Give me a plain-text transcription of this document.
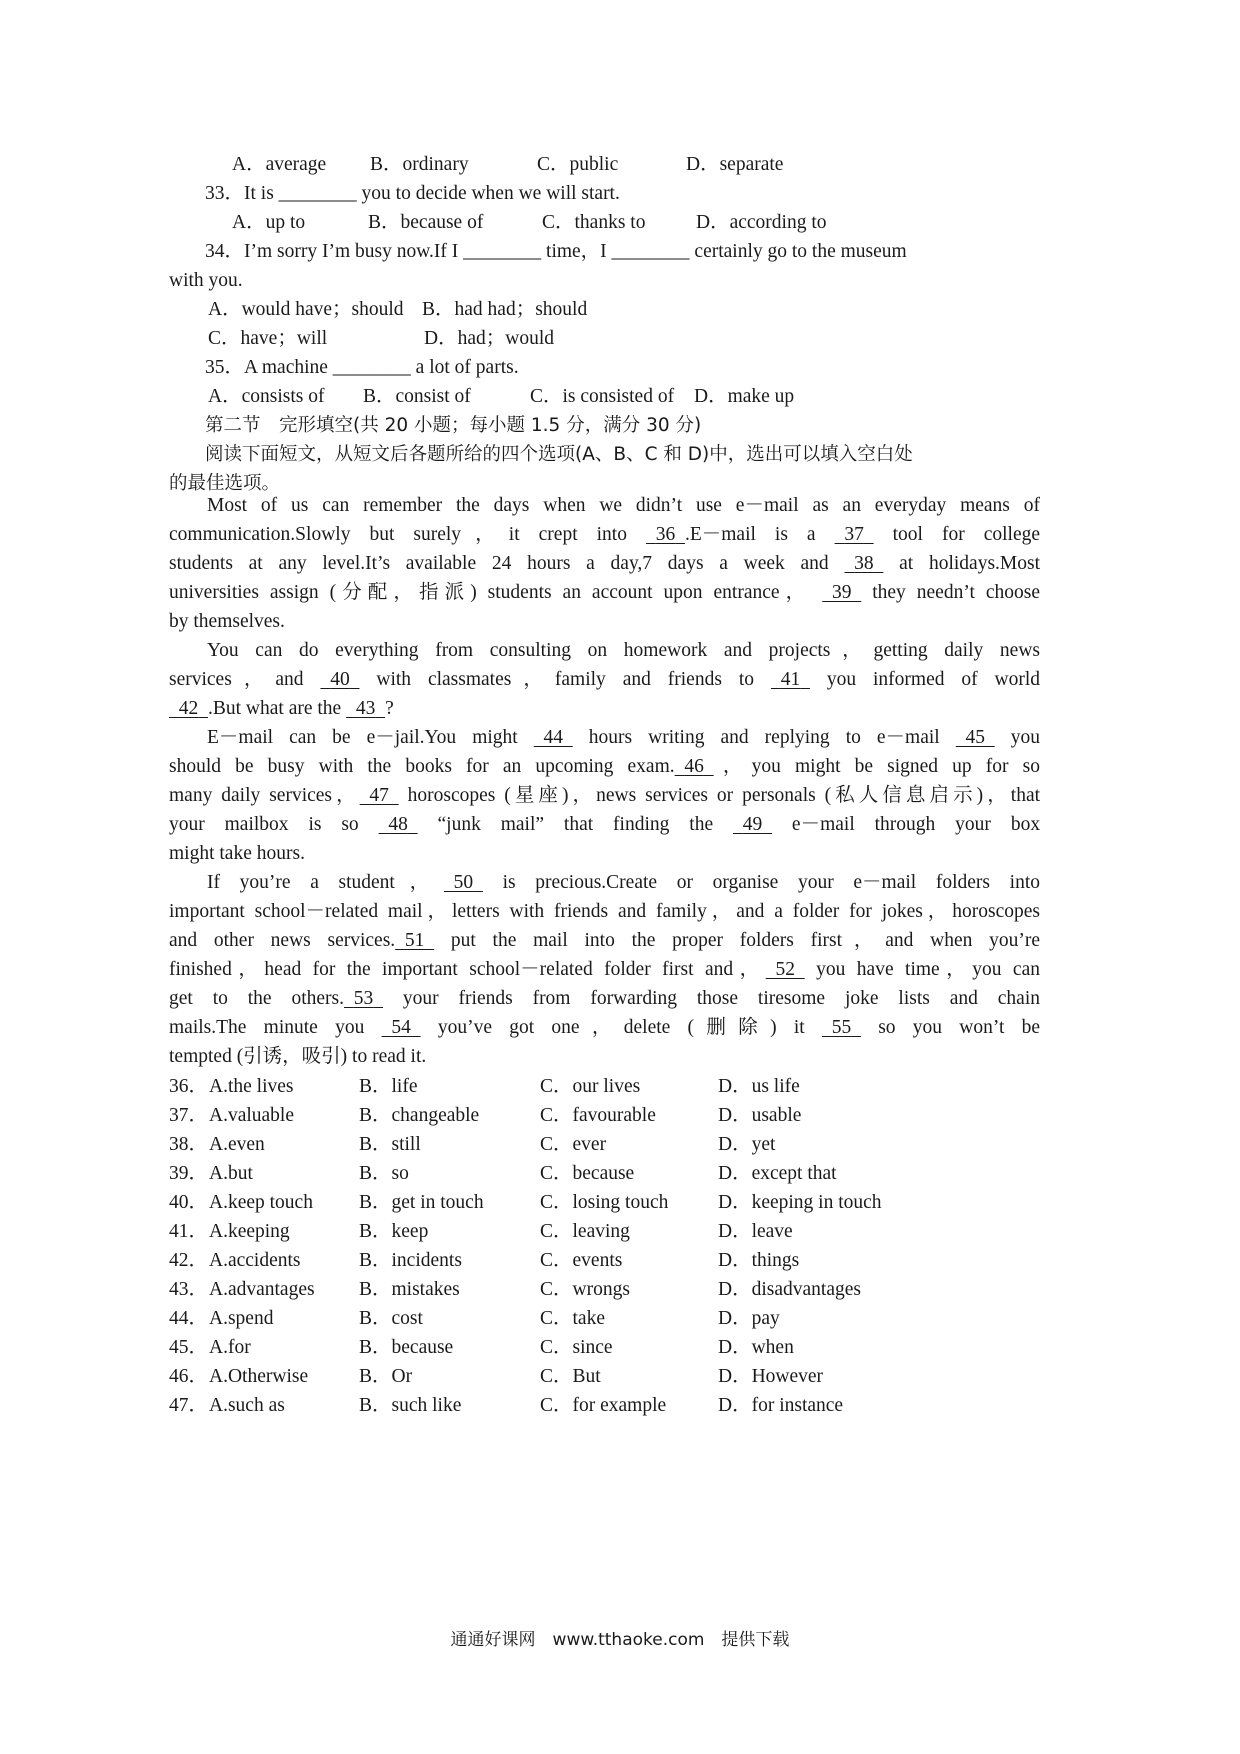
A．average B．ordinary	C．public	D．separate
33．It is ________ you to decide when we will start.
A．up to	B．because of	C．thanks to	D．according to
34．I’m sorry I’m busy now.If I ________ time，I ________ certainly go to the museum
with you.
A．would have；should B．had had；should
C．have；will	D．had；would
35．A machine ________ a lot of parts.
A．consists of B．consist of	C．is consisted of D．make up
第二节　完形填空(共 20 小题；每小题 1.5 分，满分 30 分)
阅读下面短文，从短文后各题所给的四个选项(A、B、C 和 D)中，选出可以填入空白处
的最佳选项。
Most of us can remember the days when we didn’t use e－mail as an everyday means of
communication.Slowly but surely，it crept into 36 .E－mail is a 37 tool for college
students at any level.It’s available 24 hours a day,7 days a week and 38 at holidays.Most
universities assign (分配，指派) students an account upon entrance， 39 they needn’t choose
by themselves.
You can do everything from consulting on homework and projects，getting daily news
services，and 40 with classmates，family and friends to 41 you informed of world
42 .But what are the 43 ?
E－mail can be e－jail.You might 44 hours writing and replying to e－mail 45 you
should be busy with the books for an upcoming exam. 46 ，you might be signed up for so
many daily services， 47 horoscopes (星座)，news services or personals (私人信息启示)，that
your mailbox is so 48 “junk mail” that finding the 49 e－mail through your box
might take hours.
If you’re a student， 50 is precious.Create or organise your e－mail folders into
important school－related mail，letters with friends and family，and a folder for jokes，horoscopes
and other news services. 51 put the mail into the proper folders first，and when you’re
finished，head for the important school－related folder first and， 52 you have time，you can
get to the others. 53 your friends from forwarding those tiresome joke lists and chain
mails.The minute you 54 you’ve got one，delete (删除) it 55 so you won’t be
tempted (引诱，吸引) to read it.
36． A.the lives	B．life	C．our lives	D．us life
37． A.valuable	B．changeable	C．favourable	D．usable
38． A.even	B．still	C．ever	D．yet
39． A.but	B．so	C．because	D．except that
40． A.keep touch B．get in touch	C．losing touch	D．keeping in touch
41． A.keeping	B．keep	C．leaving	D．leave
42． A.accidents	B．incidents	C．events	D．things
43． A.advantages B．mistakes	C．wrongs	D．disadvantages
44． A.spend	B．cost	C．take	D．pay
45． A.for	B．because	C．since	D．when
46． A.Otherwise	B．Or	C．But	D．However
47． A.such as	B．such like	C．for example	D．for instance
通通好课网　www.tthaoke.com　提供下载
